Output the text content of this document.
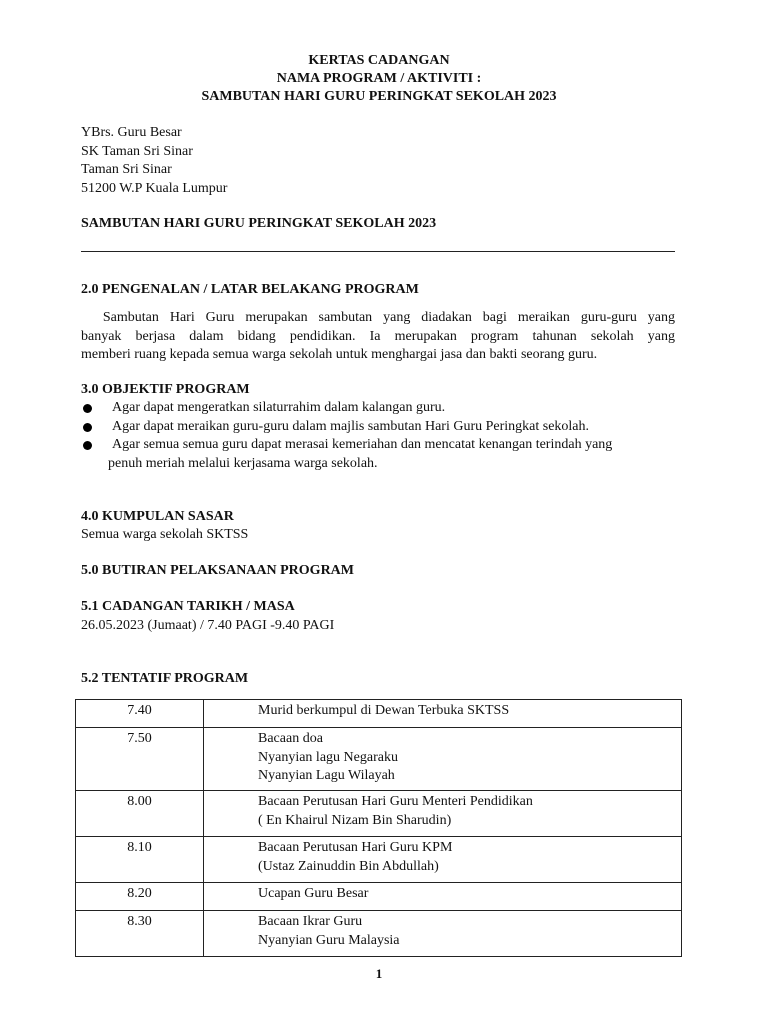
KERTAS CADANGAN
NAMA PROGRAM / AKTIVITI :
SAMBUTAN HARI GURU PERINGKAT SEKOLAH 2023
YBrs. Guru Besar
SK Taman Sri Sinar
Taman Sri Sinar
51200 W.P Kuala Lumpur
SAMBUTAN HARI GURU PERINGKAT SEKOLAH 2023
2.0 PENGENALAN / LATAR BELAKANG PROGRAM
Sambutan Hari Guru merupakan sambutan yang diadakan bagi meraikan guru-guru yang
banyak berjasa dalam bidang pendidikan. Ia merupakan program tahunan sekolah yang
memberi ruang kepada semua warga sekolah untuk menghargai jasa dan bakti seorang guru.
3.0 OBJEKTIF PROGRAM
Agar dapat mengeratkan silaturrahim dalam kalangan guru.
Agar dapat meraikan guru-guru dalam majlis sambutan Hari Guru Peringkat sekolah.
Agar semua semua guru dapat merasai kemeriahan dan mencatat kenangan terindah yang
penuh meriah melalui kerjasama warga sekolah.
4.0 KUMPULAN SASAR
Semua warga sekolah SKTSS
5.0 BUTIRAN PELAKSANAAN PROGRAM
5.1 CADANGAN TARIKH / MASA
26.05.2023 (Jumaat) / 7.40 PAGI -9.40 PAGI
5.2 TENTATIF PROGRAM
7.40	Murid berkumpul di Dewan Terbuka SKTSS

7.50	Bacaan doa
Nyanyian lagu Negaraku
Nyanyian Lagu Wilayah

8.00	Bacaan Perutusan Hari Guru Menteri Pendidikan
( En Khairul Nizam Bin Sharudin)

8.10	Bacaan Perutusan Hari Guru KPM
(Ustaz Zainuddin Bin Abdullah)

8.20	Ucapan Guru Besar

8.30	Bacaan Ikrar Guru
Nyanyian Guru Malaysia
1
